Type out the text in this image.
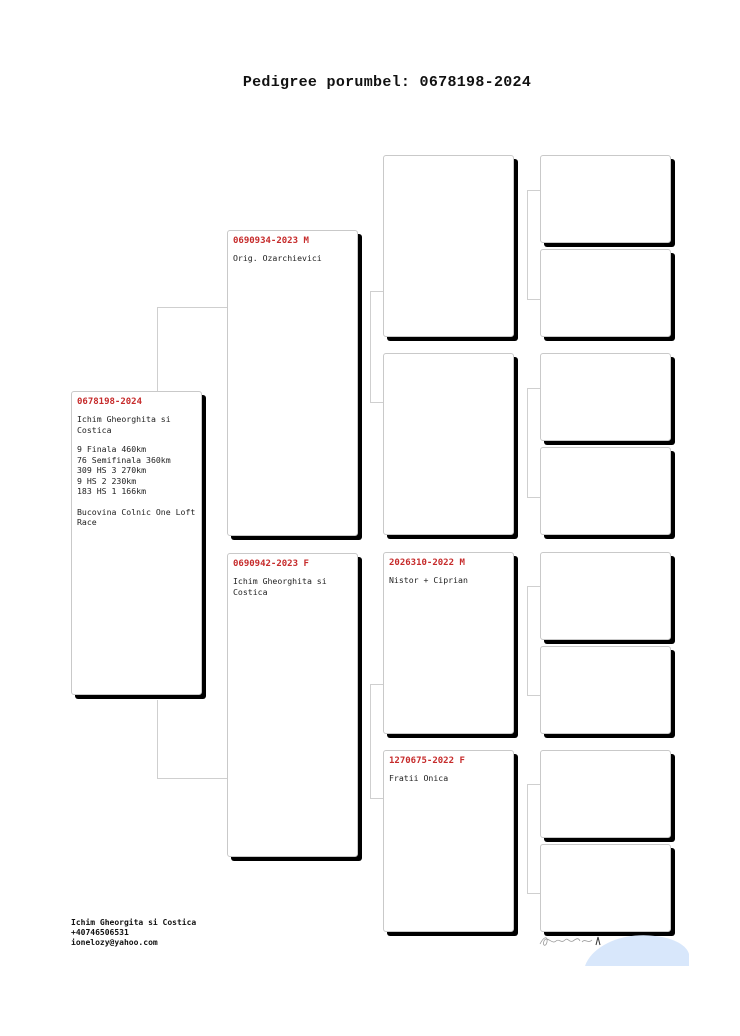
Pedigree porumbel: 0678198-2024
0678198-2024
Ichim Gheorghita si Costica
9 Finala 460km
76 Semifinala 360km
309 HS 3 270km
9 HS 2 230km
183 HS 1 166km
Bucovina Colnic One Loft Race
0690934-2023 M
Orig. Ozarchievici
0690942-2023 F
Ichim Gheorghita si Costica
2026310-2022 M
Nistor + Ciprian
1270675-2022 F
Fratii Onica
Ichim Gheorgita si Costica
+40746506531
ionelozy@yahoo.com
